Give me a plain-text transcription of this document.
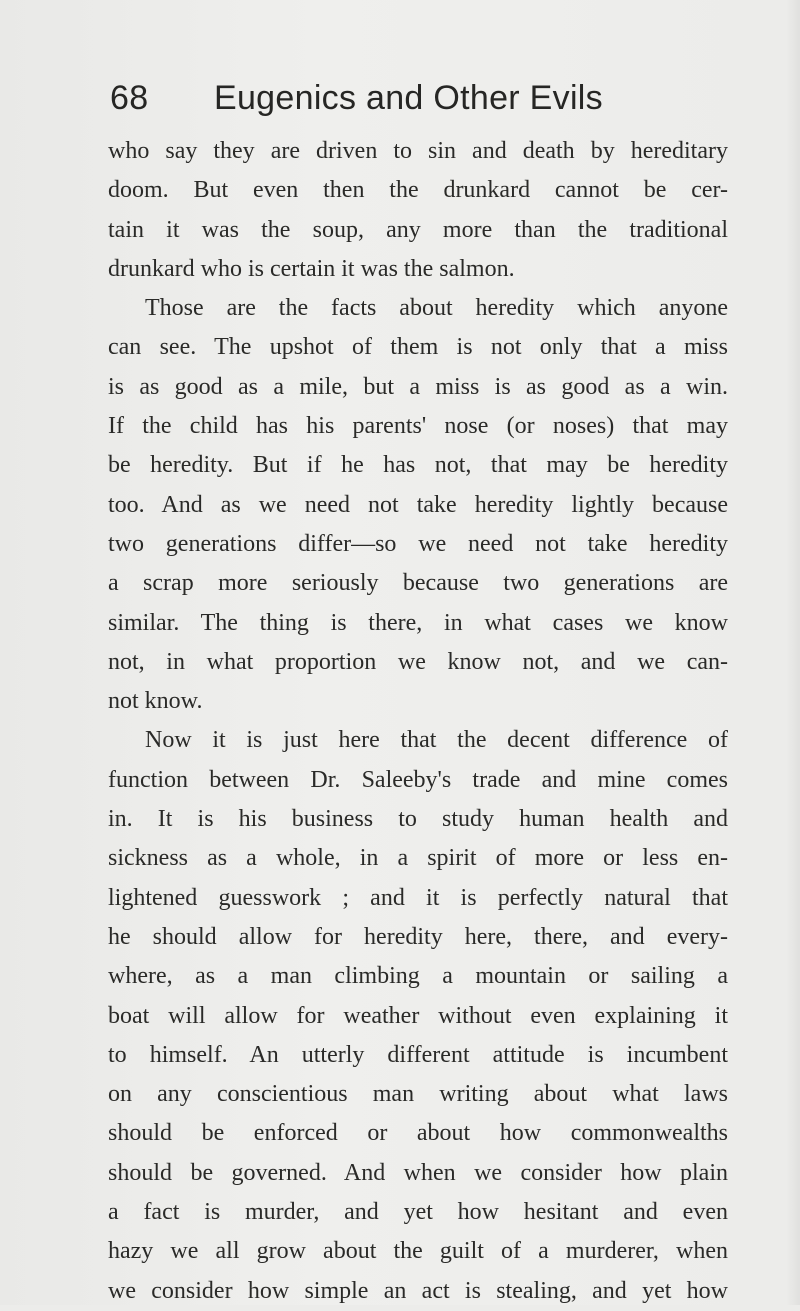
68 Eugenics and Other Evils
who say they are driven to sin and death by hereditary
doom. But even then the drunkard cannot be cer-
tain it was the soup, any more than the traditional
drunkard who is certain it was the salmon.
Those are the facts about heredity which anyone
can see. The upshot of them is not only that a miss
is as good as a mile, but a miss is as good as a win.
If the child has his parents' nose (or noses) that may
be heredity. But if he has not, that may be heredity
too. And as we need not take heredity lightly because
two generations differ—so we need not take heredity
a scrap more seriously because two generations are
similar. The thing is there, in what cases we know
not, in what proportion we know not, and we can-
not know.
Now it is just here that the decent difference of
function between Dr. Saleeby's trade and mine comes
in. It is his business to study human health and
sickness as a whole, in a spirit of more or less en-
lightened guesswork ; and it is perfectly natural that
he should allow for heredity here, there, and every-
where, as a man climbing a mountain or sailing a
boat will allow for weather without even explaining it
to himself. An utterly different attitude is incumbent
on any conscientious man writing about what laws
should be enforced or about how commonwealths
should be governed. And when we consider how plain
a fact is murder, and yet how hesitant and even
hazy we all grow about the guilt of a murderer, when
we consider how simple an act is stealing, and yet how
